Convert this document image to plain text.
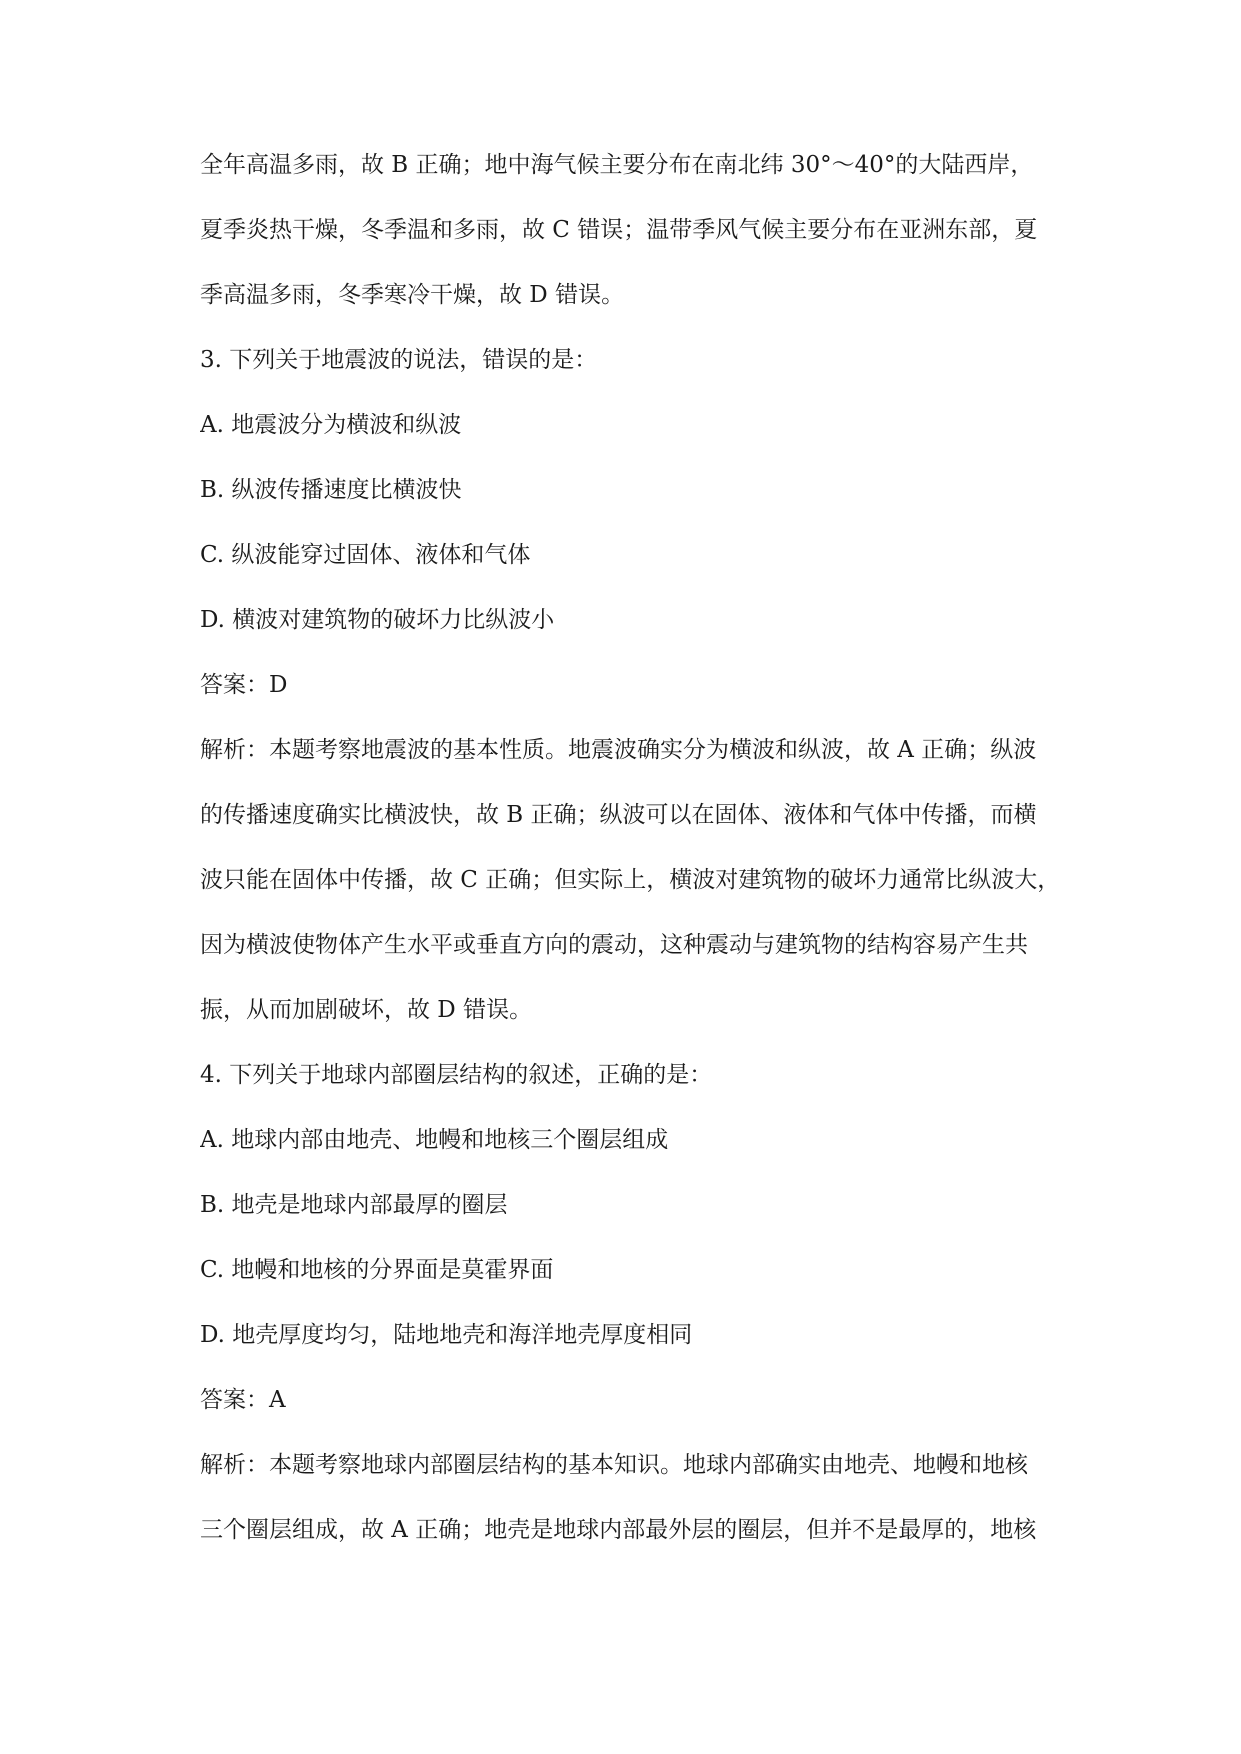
全年高温多雨，故 B 正确；地中海气候主要分布在南北纬 30°～40°的大陆西岸，
夏季炎热干燥，冬季温和多雨，故 C 错误；温带季风气候主要分布在亚洲东部，夏
季高温多雨，冬季寒冷干燥，故 D 错误。
3. 下列关于地震波的说法，错误的是：
A. 地震波分为横波和纵波
B. 纵波传播速度比横波快
C. 纵波能穿过固体、液体和气体
D. 横波对建筑物的破坏力比纵波小
答案：D
解析：本题考察地震波的基本性质。地震波确实分为横波和纵波，故 A 正确；纵波
的传播速度确实比横波快，故 B 正确；纵波可以在固体、液体和气体中传播，而横
波只能在固体中传播，故 C 正确；但实际上，横波对建筑物的破坏力通常比纵波大，
因为横波使物体产生水平或垂直方向的震动，这种震动与建筑物的结构容易产生共
振，从而加剧破坏，故 D 错误。
4. 下列关于地球内部圈层结构的叙述，正确的是：
A. 地球内部由地壳、地幔和地核三个圈层组成
B. 地壳是地球内部最厚的圈层
C. 地幔和地核的分界面是莫霍界面
D. 地壳厚度均匀，陆地地壳和海洋地壳厚度相同
答案：A
解析：本题考察地球内部圈层结构的基本知识。地球内部确实由地壳、地幔和地核
三个圈层组成，故 A 正确；地壳是地球内部最外层的圈层，但并不是最厚的，地核
